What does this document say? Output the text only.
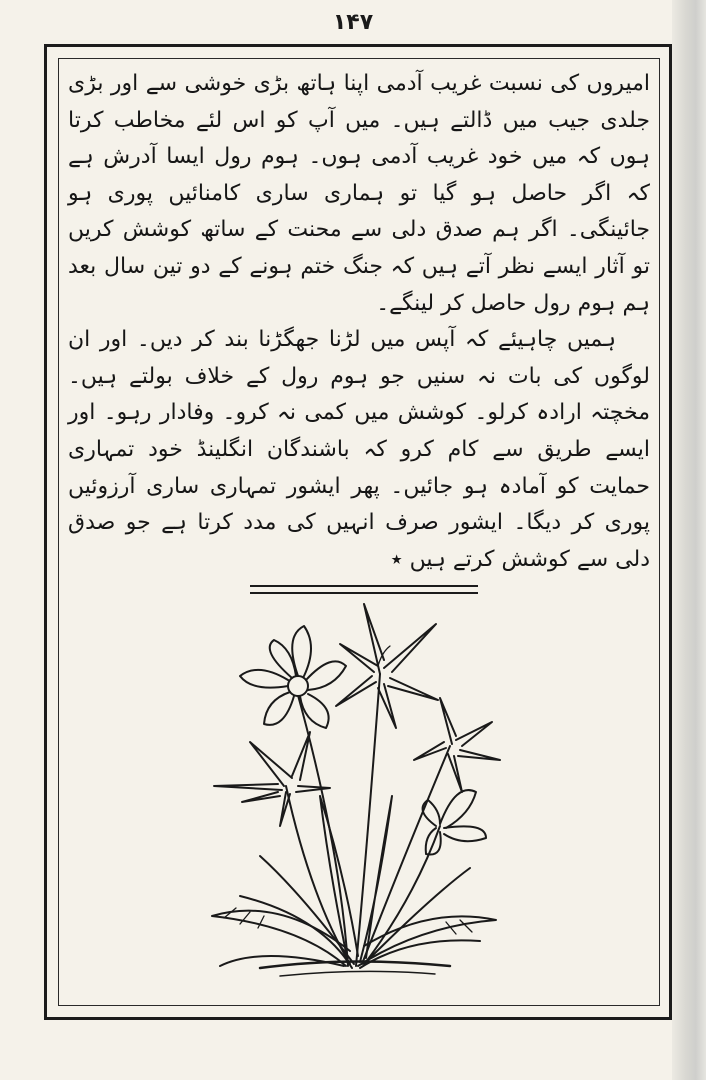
۱۴۷

امیروں کی نسبت غریب آدمی اپنا ہاتھ بڑی خوشی سے اور بڑی جلدی جیب میں ڈالتے ہیں۔ میں آپ کو اس لئے مخاطب کرتا ہوں کہ میں خود غریب آدمی ہوں۔ ہوم رول ایسا آدرش ہے کہ اگر حاصل ہو گیا تو ہماری ساری کامنائیں پوری ہو جائینگی۔ اگر ہم صدق دلی سے محنت کے ساتھ کوشش کریں تو آثار ایسے نظر آتے ہیں کہ جنگ ختم ہونے کے دو تین سال بعد ہم ہوم رول حاصل کر لینگے۔

ہمیں چاہیئے کہ آپس میں لڑنا جھگڑنا بند کر دیں۔ اور ان لوگوں کی بات نہ سنیں جو ہوم رول کے خلاف بولتے ہیں۔ مخچتہ ارادہ کرلو۔ کوشش میں کمی نہ کرو۔ وفادار رہو۔ اور ایسے طریق سے کام کرو کہ باشندگان انگلینڈ خود تمہاری حمایت کو آمادہ ہو جائیں۔ پھر ایشور تمہاری ساری آرزوئیں پوری کر دیگا۔ ایشور صرف انہیں کی مدد کرتا ہے جو صدق دلی سے کوشش کرتے ہیں ٭
